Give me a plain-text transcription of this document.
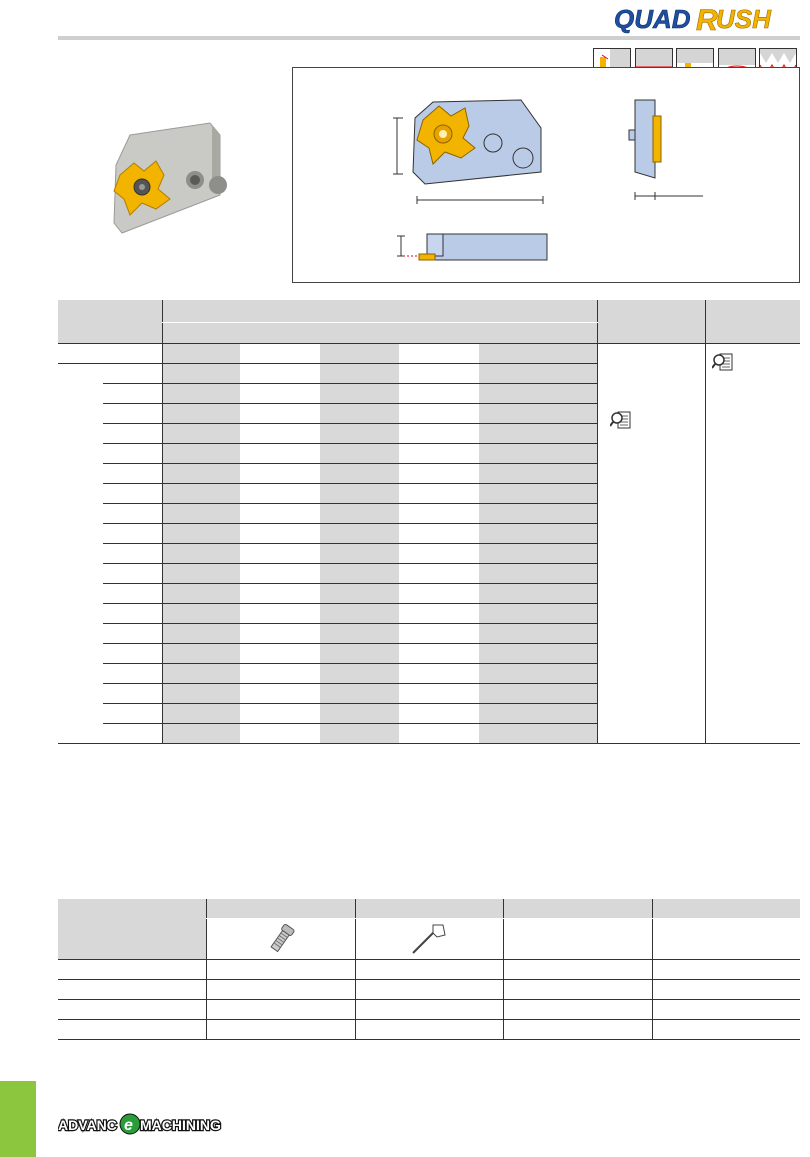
QUAD R
USH

ADVANC e MACHINING
